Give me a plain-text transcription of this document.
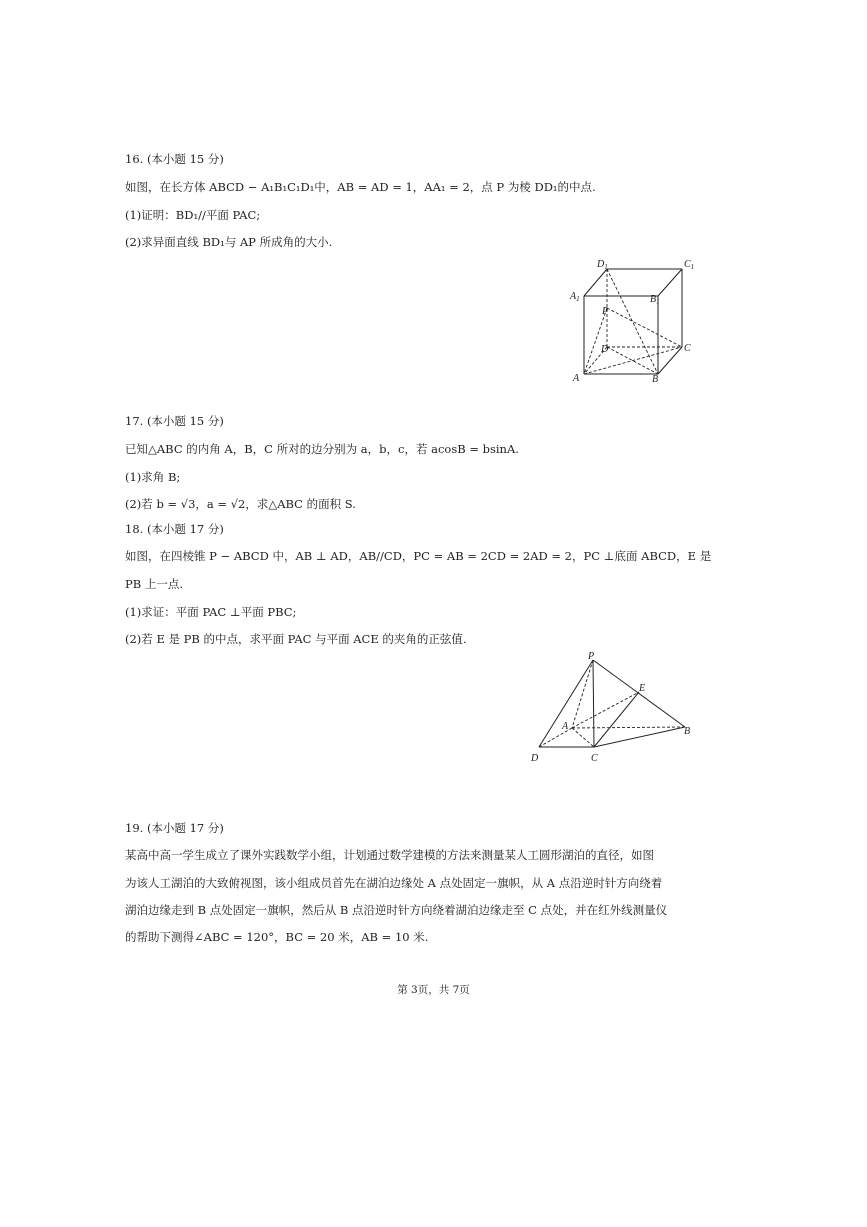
16. (本小题 15 分)
如图，在长方体 ABCD − A₁B₁C₁D₁中，AB = AD = 1，AA₁ = 2，点 P 为棱 DD₁的中点.
(1)证明：BD₁//平面 PAC;
(2)求异面直线 BD₁与 AP 所成角的大小.
$D_1$	$C_1$
$A_1$	$B_1$
P
D	C
A	B
17. (本小题 15 分)
已知△ABC 的内角 A，B，C 所对的边分别为 a，b，c，若 acosB = bsinA.
(1)求角 B;
(2)若 b = √3，a = √2，求△ABC 的面积 S.
18. (本小题 17 分)
如图，在四棱锥 P − ABCD 中，AB ⊥ AD，AB//CD，PC = AB = 2CD = 2AD = 2，PC ⊥底面 ABCD，E 是
PB 上一点.
(1)求证：平面 PAC ⊥平面 PBC;
(2)若 E 是 PB 的中点，求平面 PAC 与平面 ACE 的夹角的正弦值.
P
E
A	B
D	C
19. (本小题 17 分)
某高中高一学生成立了课外实践数学小组，计划通过数学建模的方法来测量某人工圆形湖泊的直径，如图
为该人工湖泊的大致俯视图，该小组成员首先在湖泊边缘处 A 点处固定一旗帜，从 A 点沿逆时针方向绕着
湖泊边缘走到 B 点处固定一旗帜，然后从 B 点沿逆时针方向绕着湖泊边缘走至 C 点处，并在红外线测量仪
的帮助下测得∠ABC = 120°，BC = 20 米，AB = 10 米.
第 3页，共 7页
